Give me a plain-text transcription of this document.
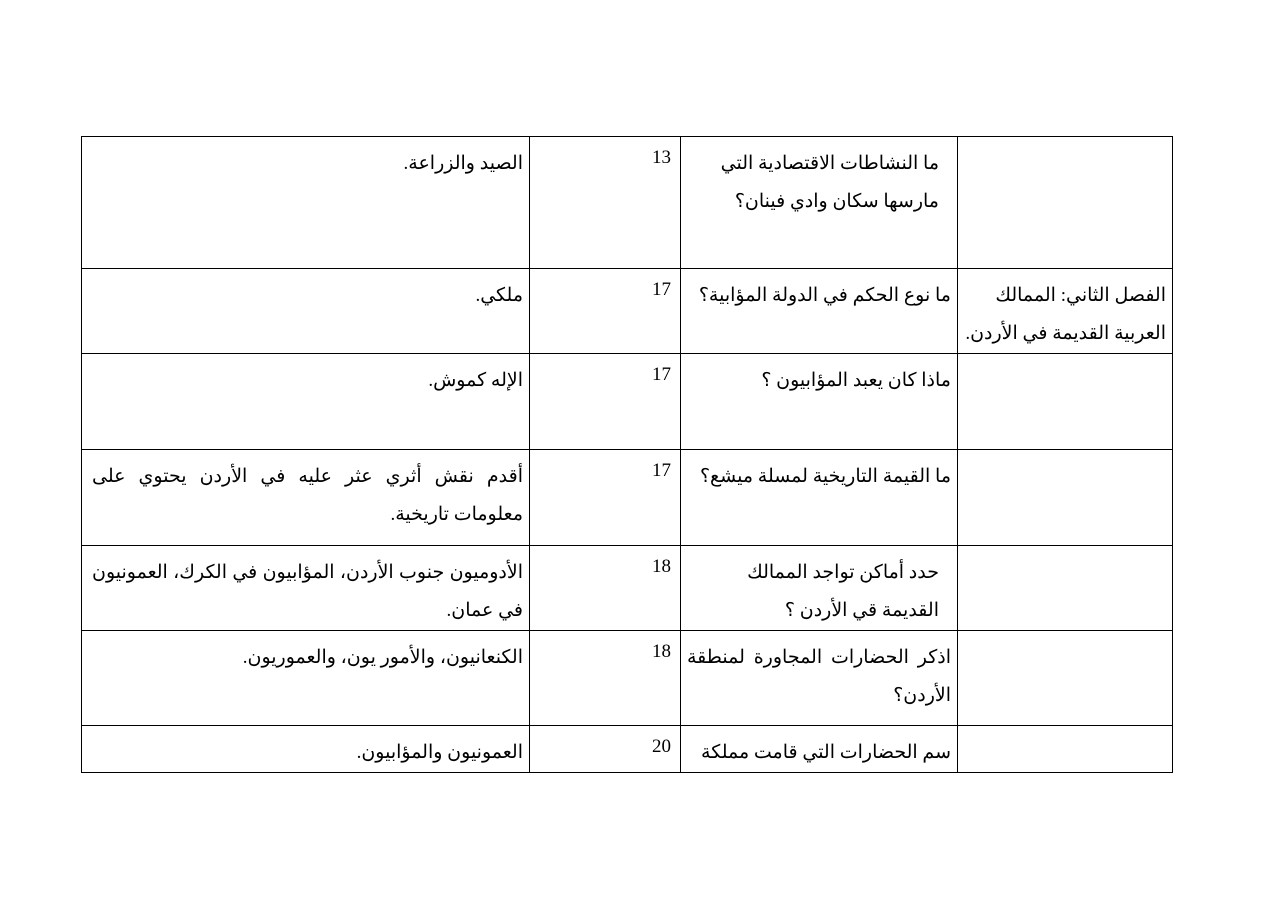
الصيد والزراعة.	13	ما النشاطات الاقتصادية التي مارسها سكان وادي فينان؟	

ملكي.	17	ما نوع الحكم في الدولة المؤابية؟	الفصل الثاني: الممالك العربية القديمة في الأردن.

الإله كموش.	17	ماذا كان يعبد المؤابيون ؟	

أقدم نقش أثري عثر عليه في الأردن يحتوي على معلومات تاريخية.	17	ما القيمة التاريخية لمسلة ميشع؟	

الأدوميون جنوب الأردن، المؤابيون في الكرك، العمونيون في عمان.	18	حدد أماكن تواجد الممالك القديمة قي الأردن ؟	

الكنعانيون، والأمور يون، والعموريون.	18	اذكر الحضارات المجاورة لمنطقة الأردن؟	

العمونيون والمؤابيون.	20	سم الحضارات التي قامت مملكة	
